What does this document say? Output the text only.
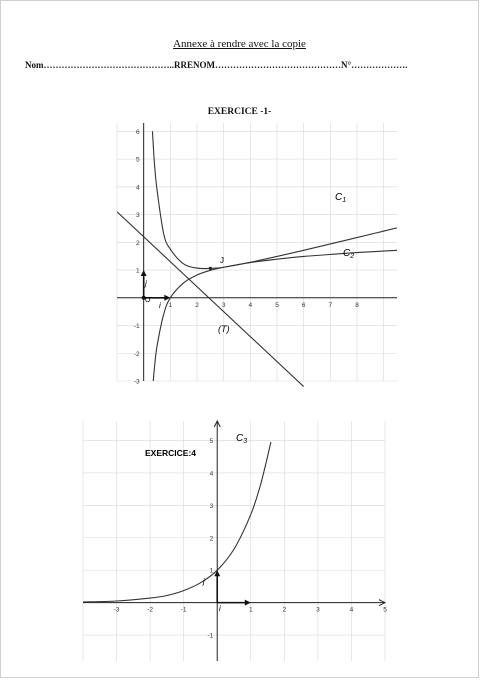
Annexe à rendre avec la copie
Nom……………………………………..RRENOM……………………………………N°……………….
EXERCICE -1-
1	2	3	4	5	6	7	8
-3
-2
-1
1
2
3
4
5
6
$C_1$
$C_2$
(T)
J
O
i
j
-3	-2	-1	1	2	3	4	5
-1
1
2
3
4
5
EXERCICE:4
$C_3$
i
j
